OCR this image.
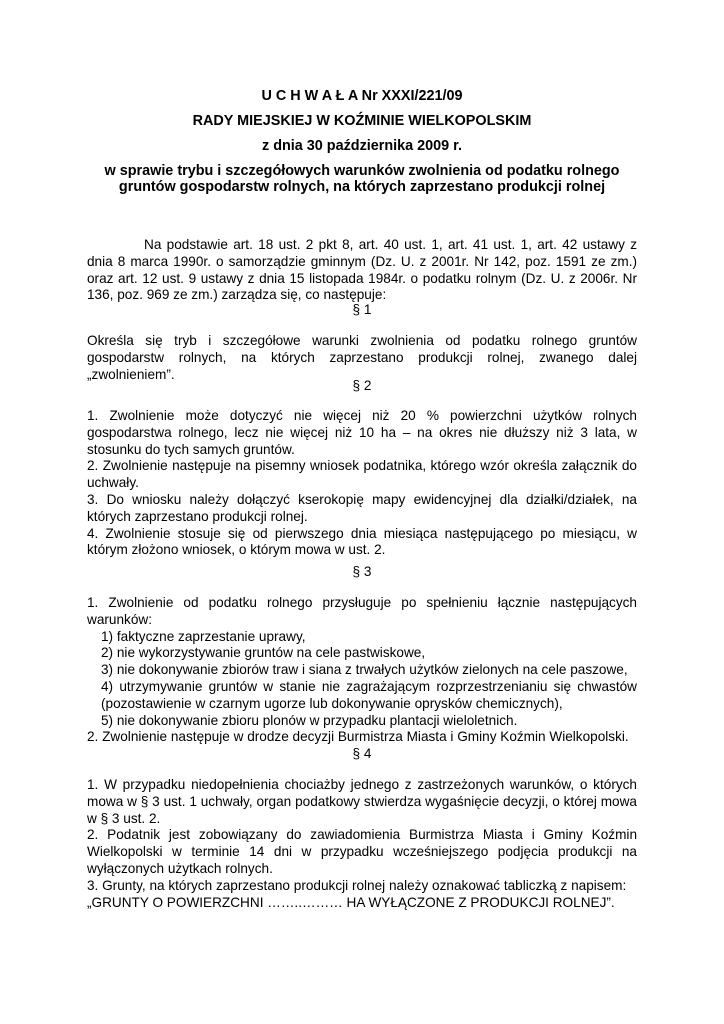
U C H W A Ł A Nr XXXI/221/09
RADY MIEJSKIEJ W KOŹMINIE WIELKOPOLSKIM
z dnia 30 października 2009 r.
w sprawie trybu i szczegółowych warunków zwolnienia od podatku rolnego
gruntów gospodarstw rolnych, na których zaprzestano produkcji rolnej

Na podstawie art. 18 ust. 2 pkt 8, art. 40 ust. 1, art. 41 ust. 1, art. 42 ustawy z dnia 8 marca 1990r. o samorządzie gminnym (Dz. U. z 2001r. Nr 142, poz. 1591 ze zm.) oraz art. 12 ust. 9 ustawy z dnia 15 listopada 1984r. o podatku rolnym (Dz. U. z 2006r. Nr 136, poz. 969 ze zm.) zarządza się, co następuje:

§ 1

Określa się tryb i szczegółowe warunki zwolnienia od podatku rolnego gruntów gospodarstw rolnych, na których zaprzestano produkcji rolnej, zwanego dalej „zwolnieniem”.

§ 2

1. Zwolnienie może dotyczyć nie więcej niż 20 % powierzchni użytków rolnych gospodarstwa rolnego, lecz nie więcej niż 10 ha – na okres nie dłuższy niż 3 lata, w stosunku do tych samych gruntów.

2. Zwolnienie następuje na pisemny wniosek podatnika, którego wzór określa załącznik do uchwały.

3. Do wniosku należy dołączyć kserokopię mapy ewidencyjnej dla działki/działek, na których zaprzestano produkcji rolnej.

4. Zwolnienie stosuje się od pierwszego dnia miesiąca następującego po miesiącu, w którym złożono wniosek, o którym mowa w ust. 2.

§ 3

1. Zwolnienie od podatku rolnego przysługuje po spełnieniu łącznie następujących warunków:

1) faktyczne zaprzestanie uprawy,

2) nie wykorzystywanie gruntów na cele pastwiskowe,

3) nie dokonywanie zbiorów traw i siana z trwałych użytków zielonych na cele paszowe,

4) utrzymywanie gruntów w stanie nie zagrażającym rozprzestrzenianiu się chwastów (pozostawienie w czarnym ugorze lub dokonywanie oprysków chemicznych),

5) nie dokonywanie zbioru plonów w przypadku plantacji wieloletnich.

2. Zwolnienie następuje w drodze decyzji Burmistrza Miasta i Gminy Koźmin Wielkopolski.

§ 4

1. W przypadku niedopełnienia chociażby jednego z zastrzeżonych warunków, o których mowa w § 3 ust. 1 uchwały, organ podatkowy stwierdza wygaśnięcie decyzji, o której mowa w § 3 ust. 2.

2. Podatnik jest zobowiązany do zawiadomienia Burmistrza Miasta i Gminy Koźmin Wielkopolski w terminie 14 dni w przypadku wcześniejszego podjęcia produkcji na wyłączonych użytkach rolnych.

3. Grunty, na których zaprzestano produkcji rolnej należy oznakować tabliczką z napisem:

„GRUNTY O POWIERZCHNI ……..……… HA WYŁĄCZONE Z PRODUKCJI ROLNEJ”.
